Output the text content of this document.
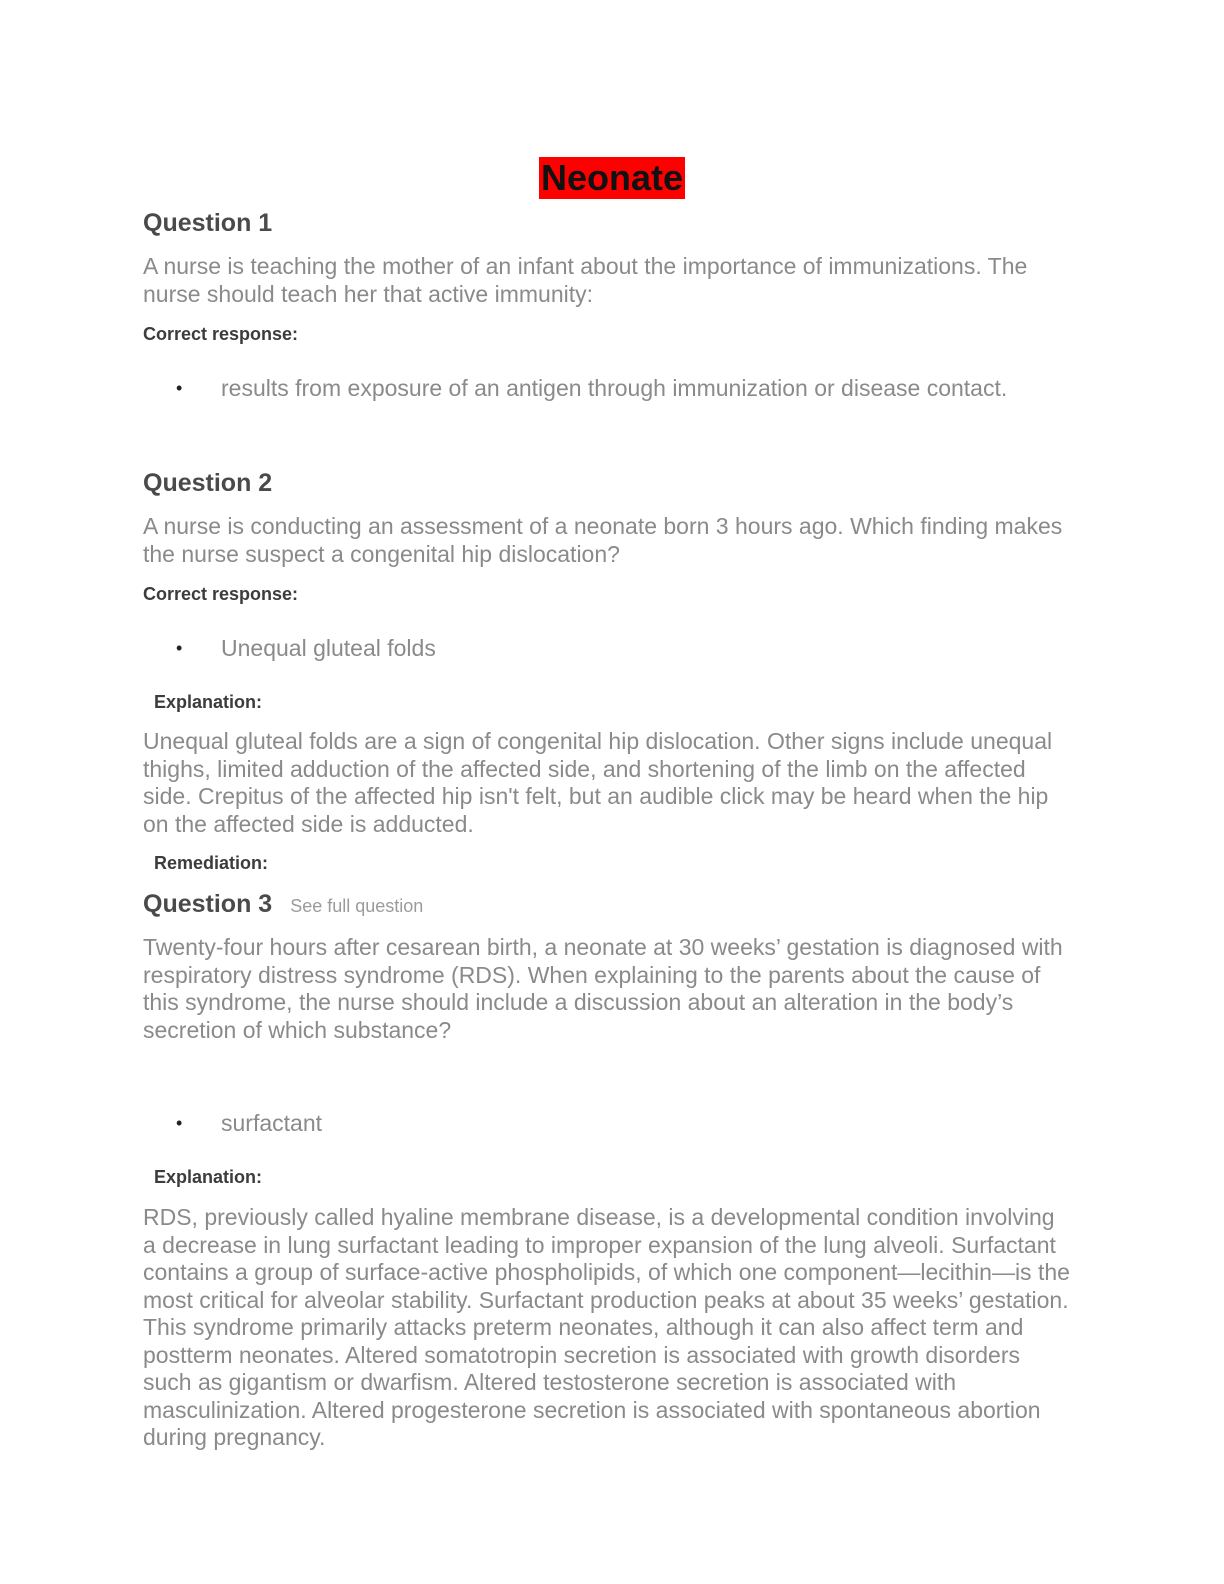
Neonate
Question 1
A nurse is teaching the mother of an infant about the importance of immunizations. The nurse should teach her that active immunity:
Correct response:
• results from exposure of an antigen through immunization or disease contact.
Question 2
A nurse is conducting an assessment of a neonate born 3 hours ago. Which finding makes the nurse suspect a congenital hip dislocation?
Correct response:
• Unequal gluteal folds
Explanation:
Unequal gluteal folds are a sign of congenital hip dislocation. Other signs include unequal thighs, limited adduction of the affected side, and shortening of the limb on the affected side. Crepitus of the affected hip isn't felt, but an audible click may be heard when the hip on the affected side is adducted.
Remediation:
Question 3 See full question
Twenty-four hours after cesarean birth, a neonate at 30 weeks’ gestation is diagnosed with respiratory distress syndrome (RDS). When explaining to the parents about the cause of this syndrome, the nurse should include a discussion about an alteration in the body’s secretion of which substance?
• surfactant
Explanation:
RDS, previously called hyaline membrane disease, is a developmental condition involving a decrease in lung surfactant leading to improper expansion of the lung alveoli. Surfactant contains a group of surface-active phospholipids, of which one component—lecithin—is the most critical for alveolar stability. Surfactant production peaks at about 35 weeks’ gestation. This syndrome primarily attacks preterm neonates, although it can also affect term and postterm neonates. Altered somatotropin secretion is associated with growth disorders such as gigantism or dwarfism. Altered testosterone secretion is associated with masculinization. Altered progesterone secretion is associated with spontaneous abortion during pregnancy.
